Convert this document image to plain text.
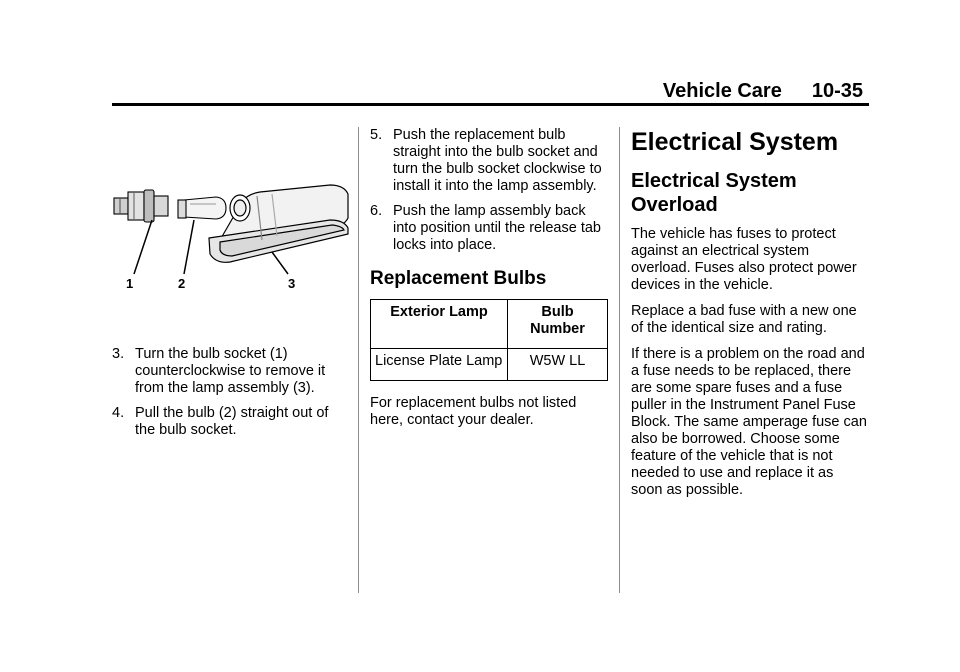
Vehicle Care 10-35
1	2	3
3. Turn the bulb socket (1) counterclockwise to remove it from the lamp assembly (3).
4. Pull the bulb (2) straight out of the bulb socket.
5. Push the replacement bulb straight into the bulb socket and turn the bulb socket clockwise to install it into the lamp assembly.
6. Push the lamp assembly back into position until the release tab locks into place.
Replacement Bulbs
Exterior Lamp	Bulb Number
License Plate Lamp	W5W LL

For replacement bulbs not listed here, contact your dealer.

Electrical System
Electrical System Overload

The vehicle has fuses to protect against an electrical system overload. Fuses also protect power devices in the vehicle.

Replace a bad fuse with a new one of the identical size and rating.

If there is a problem on the road and a fuse needs to be replaced, there are some spare fuses and a fuse puller in the Instrument Panel Fuse Block. The same amperage fuse can also be borrowed. Choose some feature of the vehicle that is not needed to use and replace it as soon as possible.
